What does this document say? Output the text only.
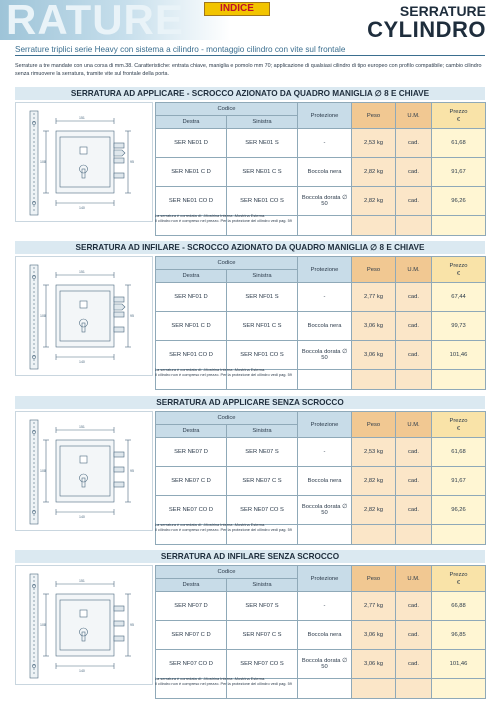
RATURE	INDICE	SERRATURE
CYLINDRO
Serrature triplici serie Heavy con sistema a cilindro - montaggio cilindro con vite sul frontale
Serrature a tre mandate con una corsa di mm.38. Caratteristiche: entrata chiave, maniglia e pomolo mm 70; applicazione di qualsiasi cilindro di tipo europeo con profilo compatibile; cambio cilindro senza rimuovere la serratura, tramite vite sul frontale della porta.
SERRATURA AD APPLICARE - SCROCCO AZIONATO DA QUADRO MANIGLIA ∅ 8 E CHIAVE
151
140
108	95
Codice		Protezione	Peso	U.M.	Prezzo
€
Destra	Sinistra				
SER NE01 D	SER NE01 S	-	2,53 kg	cad.	61,68
SER NE01 C D	SER NE01 C S	Boccola nera	2,82 kg	cad.	91,67
SER NE01 CO D	SER NE01 CO S	Boccola dorata ∅ 50	2,82 kg	cad.	96,26

La serratura è corredata di: -Mostrina Interna -Mostrina Esterna.
Il cilindro non è compreso nel prezzo. Per la protezione del cilindro vedi pag. 59
SERRATURA AD INFILARE - SCROCCO AZIONATO DA QUADRO MANIGLIA ∅ 8 E CHIAVE
151
140
108	95
Codice		Protezione	Peso	U.M.	Prezzo
€
Destra	Sinistra				
SER NF01 D	SER NF01 S	-	2,77 kg	cad.	67,44
SER NF01 C D	SER NF01 C S	Boccola nera	3,06 kg	cad.	99,73
SER NF01 CO D	SER NF01 CO S	Boccola dorata ∅ 50	3,06 kg	cad.	101,46

La serratura è corredata di: -Mostrina Interna -Mostrina Esterna.
Il cilindro non è compreso nel prezzo. Per la protezione del cilindro vedi pag. 59
SERRATURA AD APPLICARE SENZA SCROCCO
151
140
108	95
Codice		Protezione	Peso	U.M.	Prezzo
€
Destra	Sinistra				
SER NE07 D	SER NE07 S	-	2,53 kg	cad.	61,68
SER NE07 C D	SER NE07 C S	Boccola nera	2,82 kg	cad.	91,67
SER NE07 CO D	SER NE07 CO S	Boccola dorata ∅ 50	2,82 kg	cad.	96,26

La serratura è corredata di: -Mostrina Interna -Mostrina Esterna.
Il cilindro non è compreso nel prezzo. Per la protezione del cilindro vedi pag. 59
SERRATURA AD INFILARE SENZA SCROCCO
151
140
108	95
Codice		Protezione	Peso	U.M.	Prezzo
€
Destra	Sinistra				
SER NF07 D	SER NF07 S	-	2,77 kg	cad.	66,88
SER NF07 C D	SER NF07 C S	Boccola nera	3,06 kg	cad.	96,85
SER NF07 CO D	SER NF07 CO S	Boccola dorata ∅ 50	3,06 kg	cad.	101,46

La serratura è corredata di: -Mostrina Interna -Mostrina Esterna.
Il cilindro non è compreso nel prezzo. Per la protezione del cilindro vedi pag. 59
